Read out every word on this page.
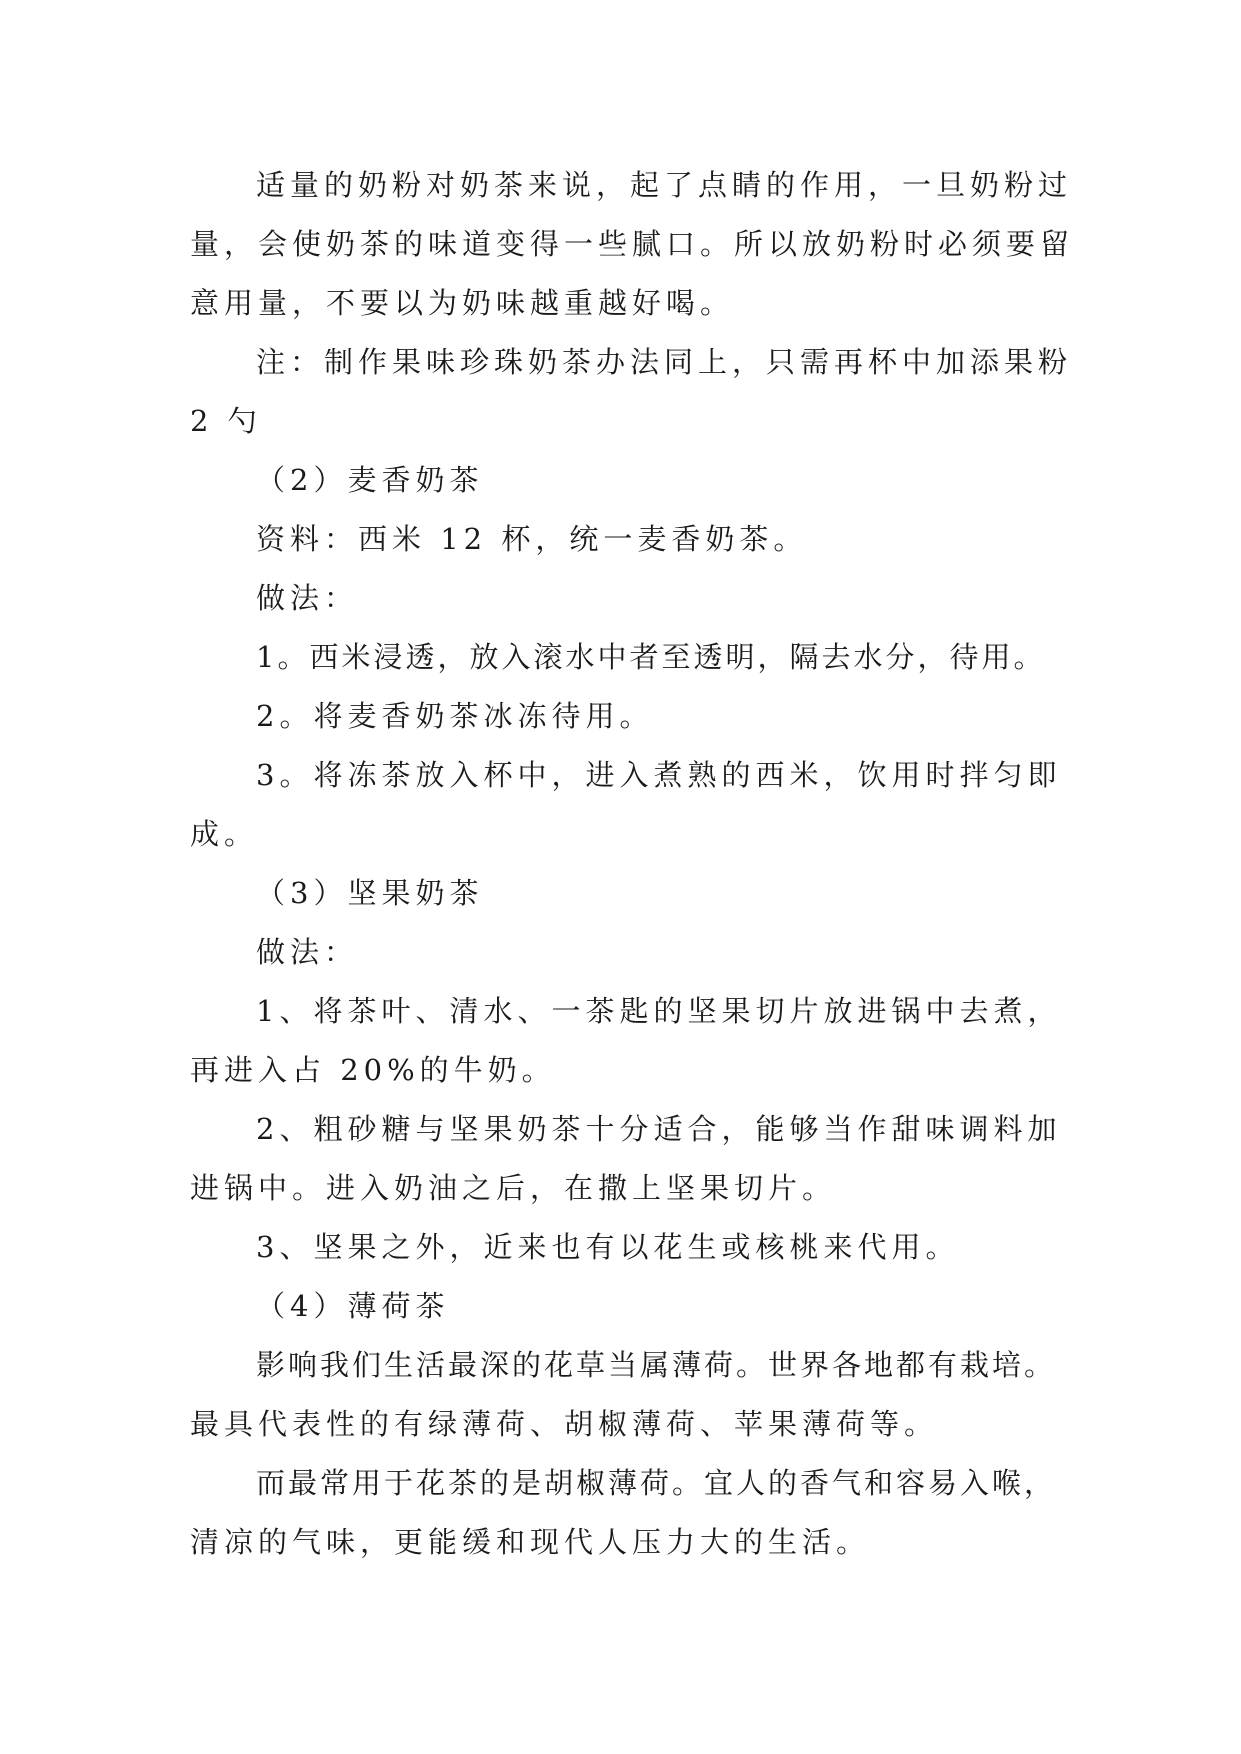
适量的奶粉对奶茶来说，起了点睛的作用，一旦奶粉过

量，会使奶茶的味道变得一些腻口。所以放奶粉时必须要留

意用量，不要以为奶味越重越好喝。

注：制作果味珍珠奶茶办法同上，只需再杯中加添果粉

2 勺

（2）麦香奶茶

资料：西米 12 杯，统一麦香奶茶。

做法：

1。西米浸透，放入滚水中者至透明，隔去水分，待用。

2。将麦香奶茶冰冻待用。

3。将冻茶放入杯中，进入煮熟的西米，饮用时拌匀即

成。

（3）坚果奶茶

做法：

1、将茶叶、清水、一茶匙的坚果切片放进锅中去煮，

再进入占 20%的牛奶。

2、粗砂糖与坚果奶茶十分适合，能够当作甜味调料加

进锅中。进入奶油之后，在撒上坚果切片。

3、坚果之外，近来也有以花生或核桃来代用。

（4）薄荷茶

影响我们生活最深的花草当属薄荷。世界各地都有栽培。

最具代表性的有绿薄荷、胡椒薄荷、苹果薄荷等。

而最常用于花茶的是胡椒薄荷。宜人的香气和容易入喉，

清凉的气味，更能缓和现代人压力大的生活。
